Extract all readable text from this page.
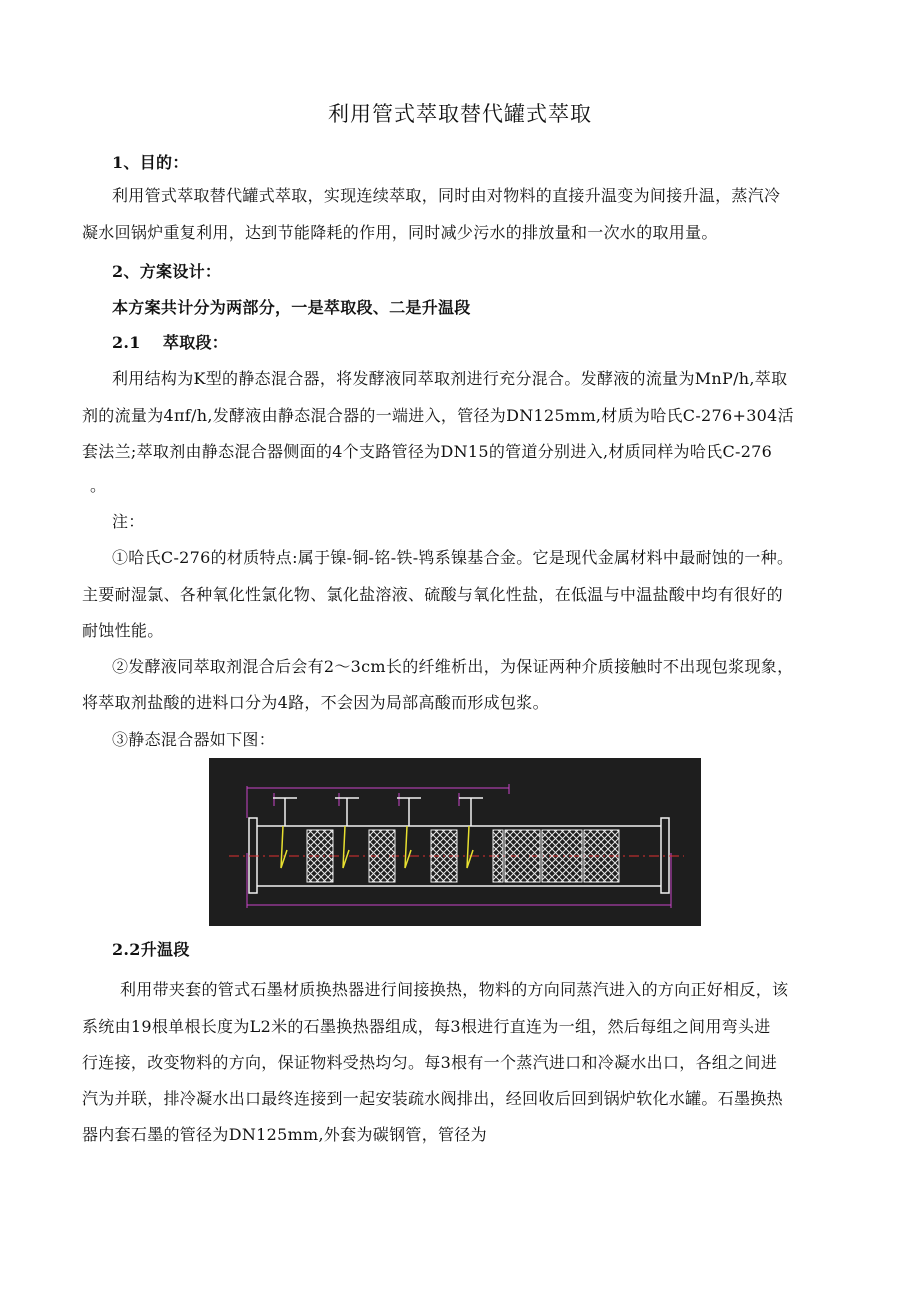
利用管式萃取替代罐式萃取
1、目的：
利用管式萃取替代罐式萃取，实现连续萃取，同时由对物料的直接升温变为间接升温，蒸汽冷
凝水回锅炉重复利用，达到节能降耗的作用，同时减少污水的排放量和一次水的取用量。
2、方案设计：
本方案共计分为两部分，一是萃取段、二是升温段
2.1　 萃取段：
利用结构为K型的静态混合器，将发酵液同萃取剂进行充分混合。发酵液的流量为MnP/h,萃取
剂的流量为4πf/h,发酵液由静态混合器的一端进入，管径为DN125mm,材质为哈氏C-276+304活
套法兰;萃取剂由静态混合器侧面的4个支路管径为DN15的管道分别进入,材质同样为哈氏C-276
。
注：
①哈氏C-276的材质特点:属于镍-铜-铭-铁-鸨系镍基合金。它是现代金属材料中最耐蚀的一种。
主要耐湿氯、各种氧化性氯化物、氯化盐溶液、硫酸与氧化性盐，在低温与中温盐酸中均有很好的
耐蚀性能。
②发酵液同萃取剂混合后会有2～3cm长的纤维析出，为保证两种介质接触时不出现包浆现象，
将萃取剂盐酸的进料口分为4路，不会因为局部高酸而形成包浆。
③静态混合器如下图：
2.2升温段
利用带夹套的管式石墨材质换热器进行间接换热，物料的方向同蒸汽进入的方向正好相反，该
系统由19根单根长度为L2米的石墨换热器组成，每3根进行直连为一组，然后每组之间用弯头进
行连接，改变物料的方向，保证物料受热均匀。每3根有一个蒸汽进口和冷凝水出口，各组之间进
汽为并联，排冷凝水出口最终连接到一起安装疏水阀排出，经回收后回到锅炉软化水罐。石墨换热
器内套石墨的管径为DN125mm,外套为碳钢管，管径为
